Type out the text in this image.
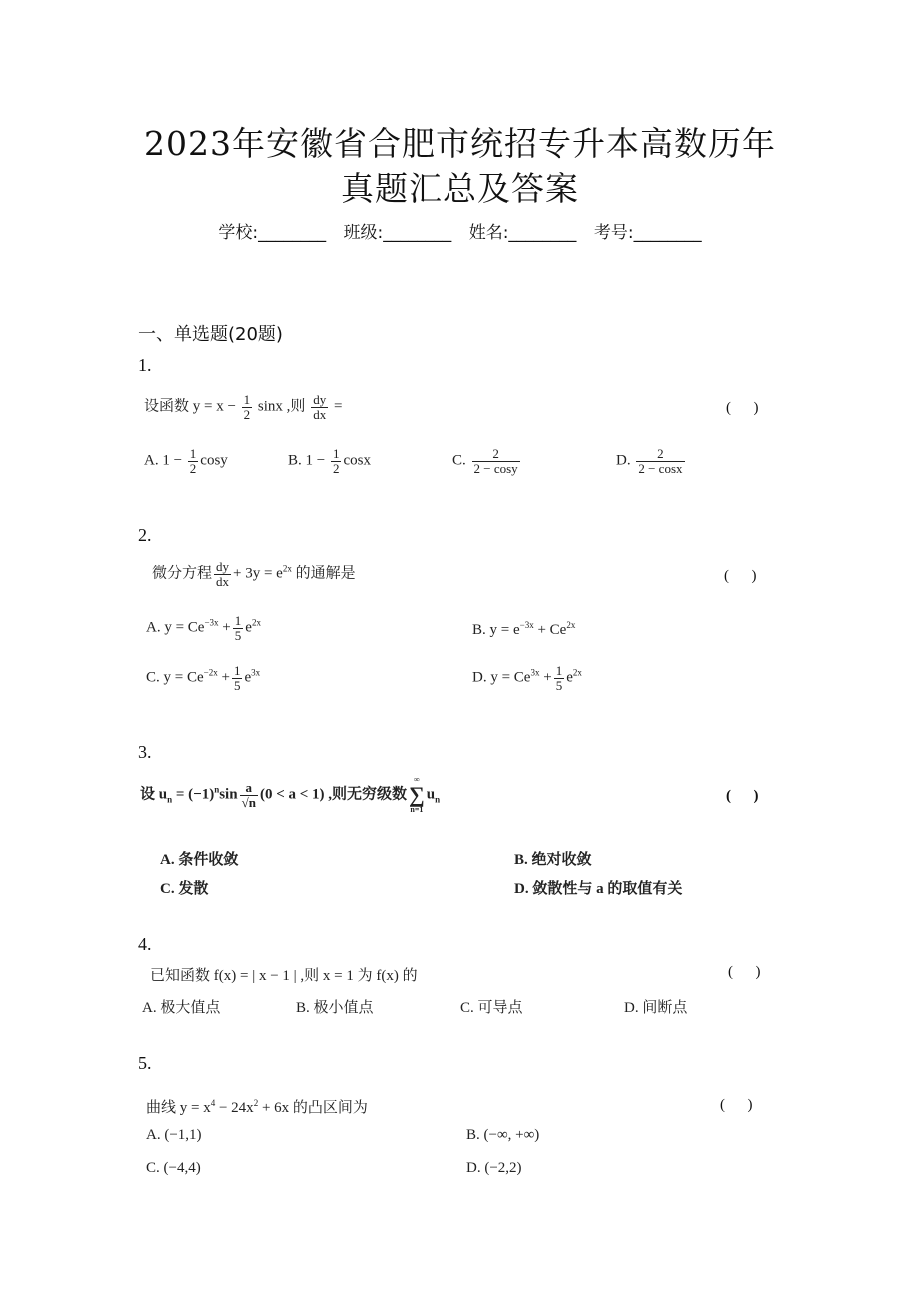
2023年安徽省合肥市统招专升本高数历年
真题汇总及答案
学校:________ 班级:________ 姓名:________ 考号:________
一、单选题(20题)
1.
设函数 $y = x - \frac{1}{2}$ sinx ,则 $\frac{dy}{dx}$ =	(      )
A. $1 - \frac{1}{2}$ cosy	B. $1 - \frac{1}{2}$ cosx	C. $\frac{2}{2 - \cos y}$	D. $\frac{2}{2 - \cos x}$
2.
微分方程 $\frac{dy}{dx} + 3y = e^{2x}$ 的通解是	(      )
A. $y = Ce^{-3x} + \frac{1}{5} e^{2x}$	B. $y = e^{-3x} + Ce^{2x}$
C. $y = Ce^{-2x} + \frac{1}{5} e^{3x}$	D. $y = Ce^{3x} + \frac{1}{5} e^{2x}$
3.
设 $u_n = (-1)^n\sin \frac{a}{√n} (0 < a < 1)$ ,则无穷级数
∞
∑
n=1
$u_n$	(      )
A. 条件收敛	B. 绝对收敛
C. 发散	D. 敛散性与 a 的取值有关
4.
已知函数 f(x) = | x − 1 | ,则 x = 1 为 f(x) 的	(      )
A. 极大值点	B. 极小值点	C. 可导点	D. 间断点
5.
曲线 $y = x^4 - 24x^2 + 6x$ 的凸区间为	(      )
A. (−1,1)	B. (−∞, +∞)
C. (−4,4)	D. (−2,2)
